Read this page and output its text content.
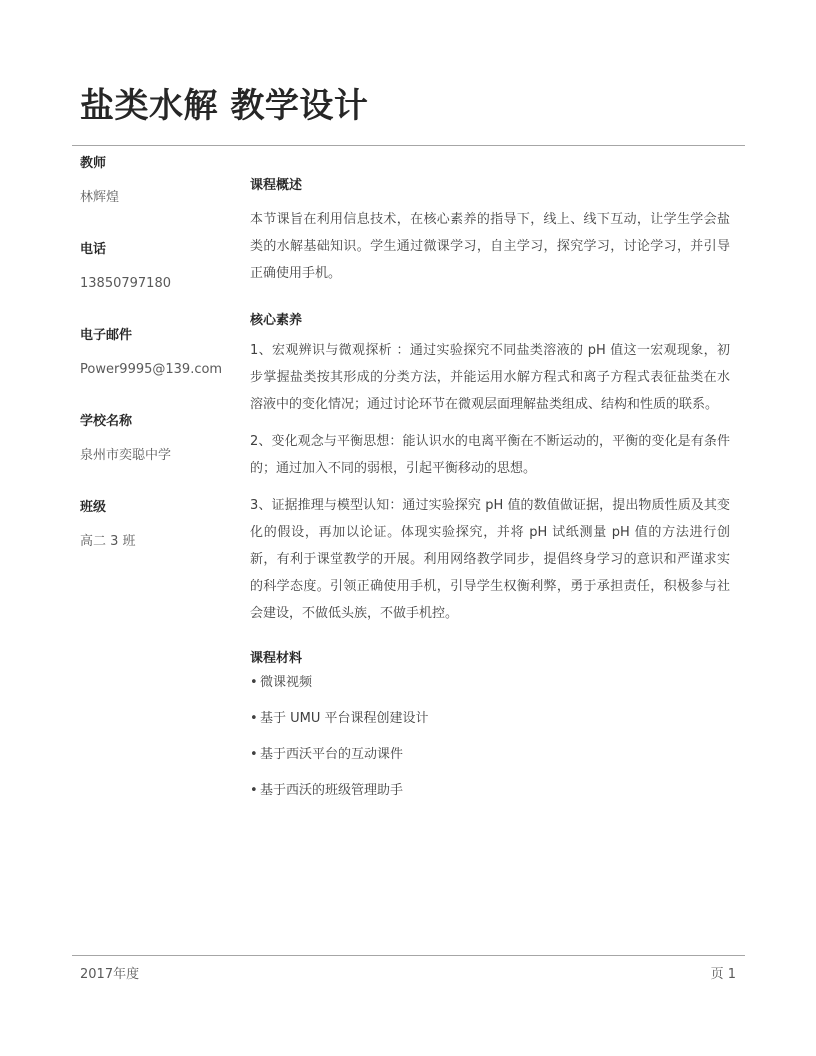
盐类水解 教学设计

教师

林辉煌

电话

13850797180

电子邮件

Power9995@139.com

学校名称

泉州市奕聪中学

班级

高二 3 班

课程概述

本节课旨在利用信息技术，在核心素养的指导下，线上、线下互动，让学生学会盐类的水解基础知识。学生通过微课学习，自主学习，探究学习，讨论学习，并引导正确使用手机。

核心素养

1、宏观辨识与微观探析 ：通过实验探究不同盐类溶液的 pH 值这一宏观现象，初步掌握盐类按其形成的分类方法，并能运用水解方程式和离子方程式表征盐类在水溶液中的变化情况；通过讨论环节在微观层面理解盐类组成、结构和性质的联系。

2、变化观念与平衡思想：能认识水的电离平衡在不断运动的，平衡的变化是有条件的；通过加入不同的弱根，引起平衡移动的思想。

3、证据推理与模型认知：通过实验探究 pH 值的数值做证据，提出物质性质及其变化的假设，再加以论证。体现实验探究，并将 pH 试纸测量 pH 值的方法进行创新，有利于课堂教学的开展。利用网络教学同步，提倡终身学习的意识和严谨求实的科学态度。引领正确使用手机，引导学生权衡利弊，勇于承担责任，积极参与社会建设，不做低头族，不做手机控。

课程材料

• 微课视频
• 基于 UMU 平台课程创建设计
• 基于西沃平台的互动课件
• 基于西沃的班级管理助手
2017年度	页 1
